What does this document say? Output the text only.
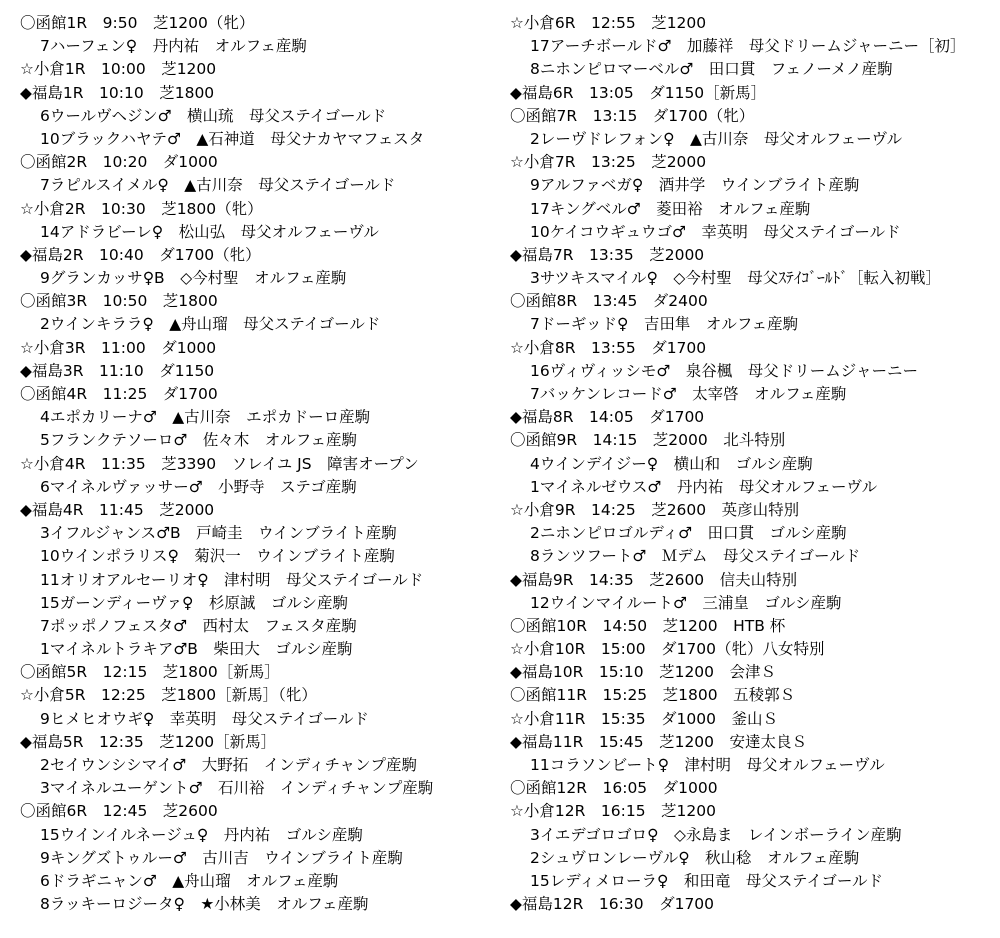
〇函館1R　9:50　芝1200（牝）
7ハーフェン♀　丹内祐　オルフェ産駒
☆小倉1R　10:00　芝1200
◆福島1R　10:10　芝1800
6ウールヴヘジン♂　横山琉　母父ステイゴールド
10ブラックハヤテ♂　▲石神道　母父ナカヤマフェスタ
〇函館2R　10:20　ダ1000
7ラピルスイメル♀　▲古川奈　母父ステイゴールド
☆小倉2R　10:30　芝1800（牝）
14アドラビーレ♀　松山弘　母父オルフェーヴル
◆福島2R　10:40　ダ1700（牝）
9グランカッサ♀B　◇今村聖　オルフェ産駒
〇函館3R　10:50　芝1800
2ウインキララ♀　▲舟山瑠　母父ステイゴールド
☆小倉3R　11:00　ダ1000
◆福島3R　11:10　ダ1150
〇函館4R　11:25　ダ1700
4エポカリーナ♂　▲古川奈　エポカドーロ産駒
5フランクテソーロ♂　佐々木　オルフェ産駒
☆小倉4R　11:35　芝3390　ソレイユ JS　障害オープン
6マイネルヴァッサー♂　小野寺　ステゴ産駒
◆福島4R　11:45　芝2000
3イフルジャンス♂B　戸崎圭　ウインブライト産駒
10ウインポラリス♀　菊沢一　ウインブライト産駒
11オリオアルセーリオ♀　津村明　母父ステイゴールド
15ガーンディーヴァ♀　杉原誠　ゴルシ産駒
7ポッポノフェスタ♂　西村太　フェスタ産駒
1マイネルトラキア♂B　柴田大　ゴルシ産駒
〇函館5R　12:15　芝1800［新馬］
☆小倉5R　12:25　芝1800［新馬］（牝）
9ヒメヒオウギ♀　幸英明　母父ステイゴールド
◆福島5R　12:35　芝1200［新馬］
2セイウンシシマイ♂　大野拓　インディチャンプ産駒
3マイネルユーゲント♂　石川裕　インディチャンプ産駒
〇函館6R　12:45　芝2600
15ウインイルネージュ♀　丹内祐　ゴルシ産駒
9キングズトゥルー♂　古川吉　ウインブライト産駒
6ドラギニャン♂　▲舟山瑠　オルフェ産駒
8ラッキーロジータ♀　★小林美　オルフェ産駒
☆小倉6R　12:55　芝1200
17アーチボールド♂　加藤祥　母父ドリームジャーニー［初］
8ニホンピロマーベル♂　田口貫　フェノーメノ産駒
◆福島6R　13:05　ダ1150［新馬］
〇函館7R　13:15　ダ1700（牝）
2レーヴドレフォン♀　▲古川奈　母父オルフェーヴル
☆小倉7R　13:25　芝2000
9アルファベガ♀　酒井学　ウインブライト産駒
17キングベル♂　菱田裕　オルフェ産駒
10ケイコウギュウゴ♂　幸英明　母父ステイゴールド
◆福島7R　13:35　芝2000
3サツキスマイル♀　◇今村聖　母父ｽﾃｲｺﾞｰﾙﾄﾞ［転入初戦］
〇函館8R　13:45　ダ2400
7ドーギッド♀　吉田隼　オルフェ産駒
☆小倉8R　13:55　ダ1700
16ヴィヴィッシモ♂　泉谷楓　母父ドリームジャーニー
7バッケンレコード♂　太宰啓　オルフェ産駒
◆福島8R　14:05　ダ1700
〇函館9R　14:15　芝2000　北斗特別
4ウインデイジー♀　横山和　ゴルシ産駒
1マイネルゼウス♂　丹内祐　母父オルフェーヴル
☆小倉9R　14:25　芝2600　英彦山特別
2ニホンピロゴルディ♂　田口貫　ゴルシ産駒
8ランツフート♂　Ｍデム　母父ステイゴールド
◆福島9R　14:35　芝2600　信夫山特別
12ウインマイルート♂　三浦皇　ゴルシ産駒
〇函館10R　14:50　芝1200　HTB 杯
☆小倉10R　15:00　ダ1700（牝）八女特別
◆福島10R　15:10　芝1200　会津Ｓ
〇函館11R　15:25　芝1800　五稜郭Ｓ
☆小倉11R　15:35　ダ1000　釜山Ｓ
◆福島11R　15:45　芝1200　安達太良Ｓ
11コラソンビート♀　津村明　母父オルフェーヴル
〇函館12R　16:05　ダ1000
☆小倉12R　16:15　芝1200
3イエデゴロゴロ♀　◇永島ま　レインボーライン産駒
2シュヴロンレーヴル♀　秋山稔　オルフェ産駒
15レディメローラ♀　和田竜　母父ステイゴールド
◆福島12R　16:30　ダ1700
